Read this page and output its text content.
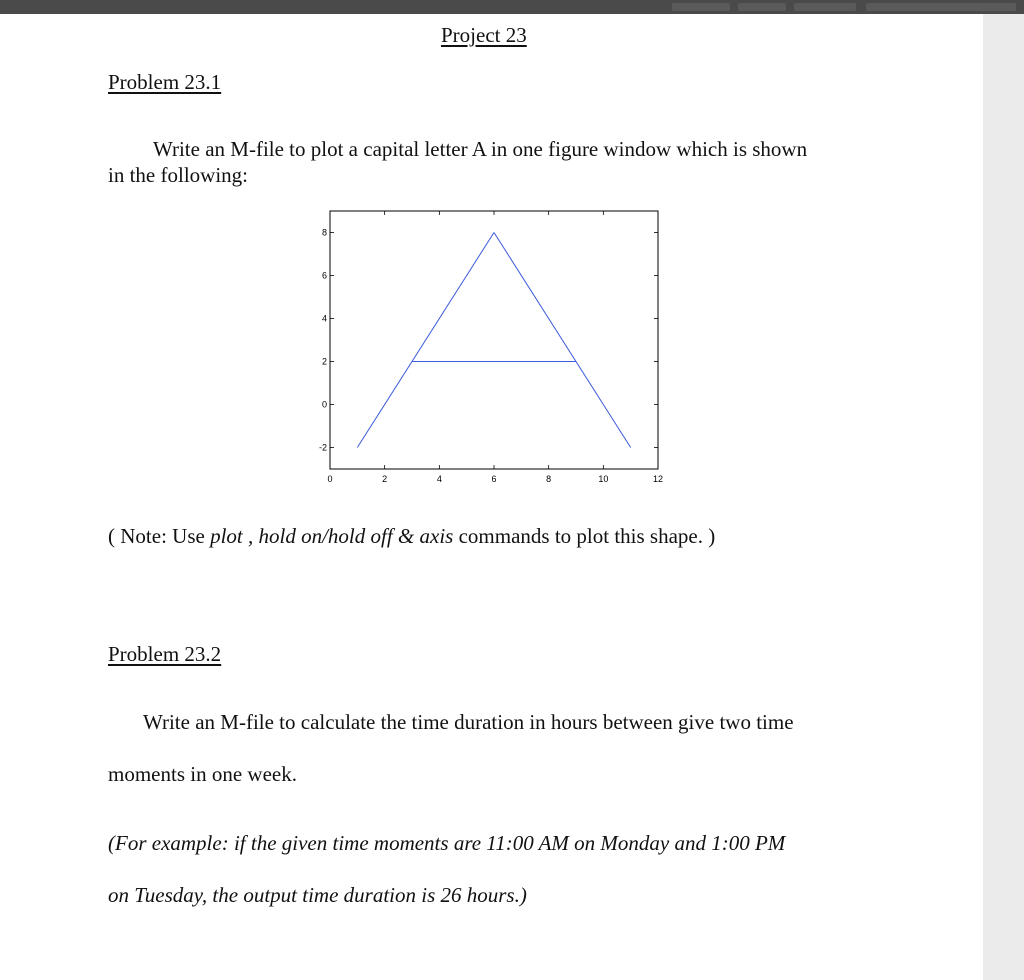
Project 23
Problem 23.1
Write an M-file to plot a capital letter A in one figure window which is shown
in the following:
( Note: Use plot , hold on/hold off & axis commands to plot this shape. )
Problem 23.2
Write an M-file to calculate the time duration in hours between give two time
moments in one week.
(For example: if the given time moments are 11:00 AM on Monday and 1:00 PM
on Tuesday, the output time duration is 26 hours.)
0	2	4	6	8	10	12
-2
0
2
4
6
8
